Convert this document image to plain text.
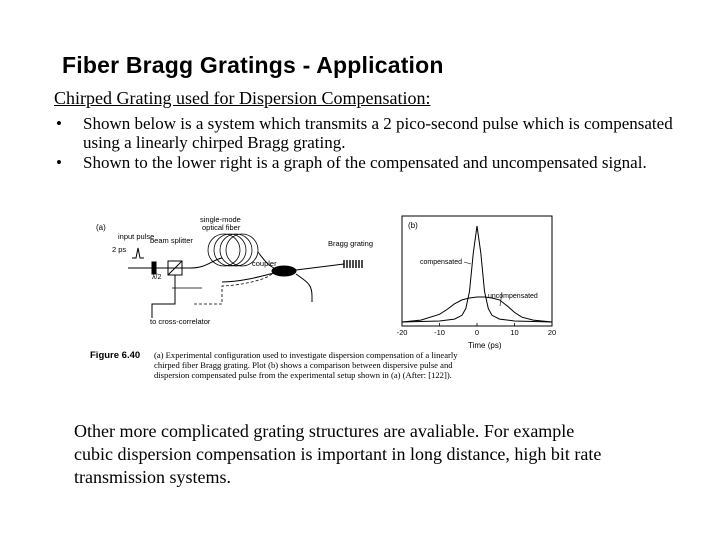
Fiber Bragg Gratings - Application
Chirped Grating used for Dispersion Compensation:
• Shown below is a system which transmits a 2 pico-second pulse which is compensated using a linearly chirped Bragg grating.
• Shown to the lower right is a graph of the compensated and uncompensated signal.
(a)
input pulse
2 ps
single-mode
optical fiber
beam splitter
λ/2
coupler
Bragg grating
to cross-correlator
(b)
compensated
uncompensated
-20	-10	0	10	20
Time (ps)
Figure 6.40 (a) Experimental configuration used to investigate dispersion compensation of a linearly
chirped fiber Bragg grating. Plot (b) shows a comparison between dispersive pulse and
dispersion compensated pulse from the experimental setup shown in (a) (After: [122]).
Other more complicated grating structures are avaliable. For example cubic dispersion compensation is important in long distance, high bit rate transmission systems.
